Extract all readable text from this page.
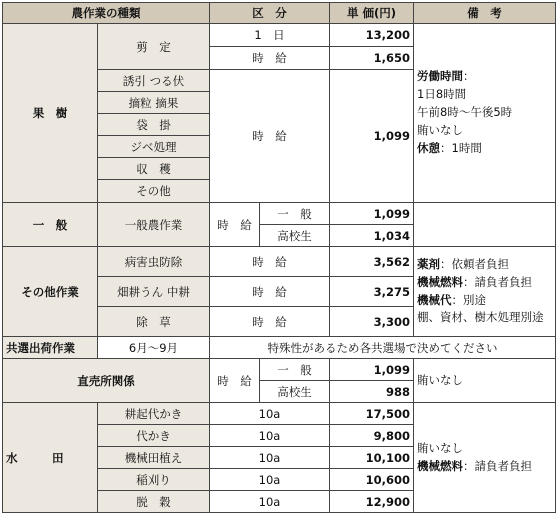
農作業の種類		区　分		単 価(円)	備　考
果　樹	剪　定	1　日		13,200	労働時間：
1日8時間
午前8時～午後5時
賄いなし
休憩：1時間

		時　給		1,650	
	誘引 つる伏	時　給		1,099	
	摘粒 摘果				
	袋　掛				
	ジベ処理				
	収　穫				
	その他				
一　般	一般農作業	時　給	一　般	1,099	
			高校生	1,034	
その他作業	病害虫防除	時　給		3,562	薬剤：依頼者負担
機械燃料：請負者負担
機械代：別途
棚、資材、樹木処理別途

	畑耕うん 中耕	時　給		3,275	
	除　草	時　給		3,300	
共選出荷作業	6月～9月	特殊性があるため各共選場で決めてください			
直売所関係		時　給	一　般	1,099	賄いなし
			高校生	988	
水　　　田	耕起代かき	10a		17,500	賄いなし
機械燃料：請負者負担

	代かき	10a		9,800	
	機械田植え	10a		10,100	
	稲刈り	10a		10,600	
	脱　穀	10a		12,900	
